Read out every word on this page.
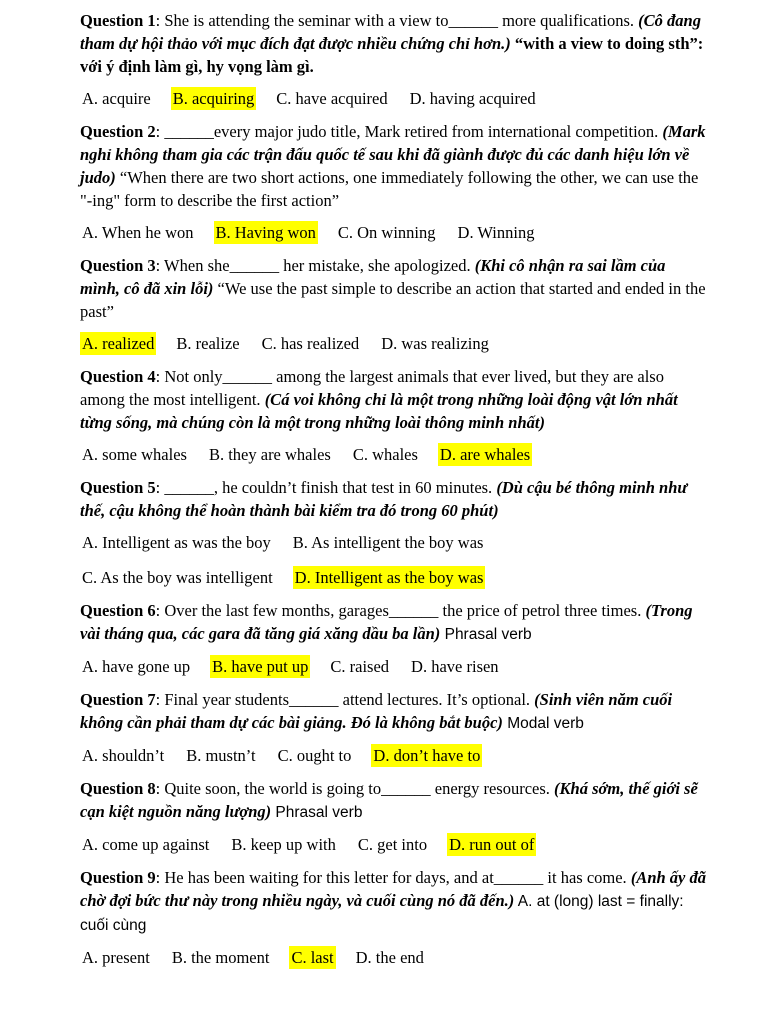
Question 1: She is attending the seminar with a view to______ more qualifications. (Cô đang tham dự hội thảo với mục đích đạt được nhiều chứng chỉ hơn.) “with a view to doing sth”: với ý định làm gì, hy vọng làm gì.
A. acquire B. acquiring C. have acquired D. having acquired
Question 2: ______every major judo title, Mark retired from international competition. (Mark nghỉ không tham gia các trận đấu quốc tế sau khi đã giành được đủ các danh hiệu lớn về judo) “When there are two short actions, one immediately following the other, we can use the "-ing" form to describe the first action”
A. When he won B. Having won C. On winning D. Winning
Question 3: When she______ her mistake, she apologized. (Khi cô nhận ra sai lầm của mình, cô đã xin lỗi) “We use the past simple to describe an action that started and ended in the past”
A. realized B. realize C. has realized D. was realizing
Question 4: Not only______ among the largest animals that ever lived, but they are also among the most intelligent. (Cá voi không chỉ là một trong những loài động vật lớn nhất từng sống, mà chúng còn là một trong những loài thông minh nhất)
A. some whales B. they are whales C. whales D. are whales
Question 5: ______, he couldn’t finish that test in 60 minutes. (Dù cậu bé thông minh như thế, cậu không thể hoàn thành bài kiểm tra đó trong 60 phút)
A. Intelligent as was the boy B. As intelligent the boy was
C. As the boy was intelligent D. Intelligent as the boy was
Question 6: Over the last few months, garages______ the price of petrol three times. (Trong vài tháng qua, các gara đã tăng giá xăng dầu ba lần) Phrasal verb
A. have gone up B. have put up C. raised D. have risen
Question 7: Final year students______ attend lectures. It’s optional. (Sinh viên năm cuối không cần phải tham dự các bài giảng. Đó là không bắt buộc) Modal verb
A. shouldn’t B. mustn’t C. ought to D. don’t have to
Question 8: Quite soon, the world is going to______ energy resources. (Khá sớm, thế giới sẽ cạn kiệt nguồn năng lượng) Phrasal verb
A. come up against B. keep up with C. get into D. run out of
Question 9: He has been waiting for this letter for days, and at______ it has come. (Anh ấy đã chờ đợi bức thư này trong nhiều ngày, và cuối cùng nó đã đến.) A. at (long) last = finally: cuối cùng
A. present B. the moment C. last D. the end
